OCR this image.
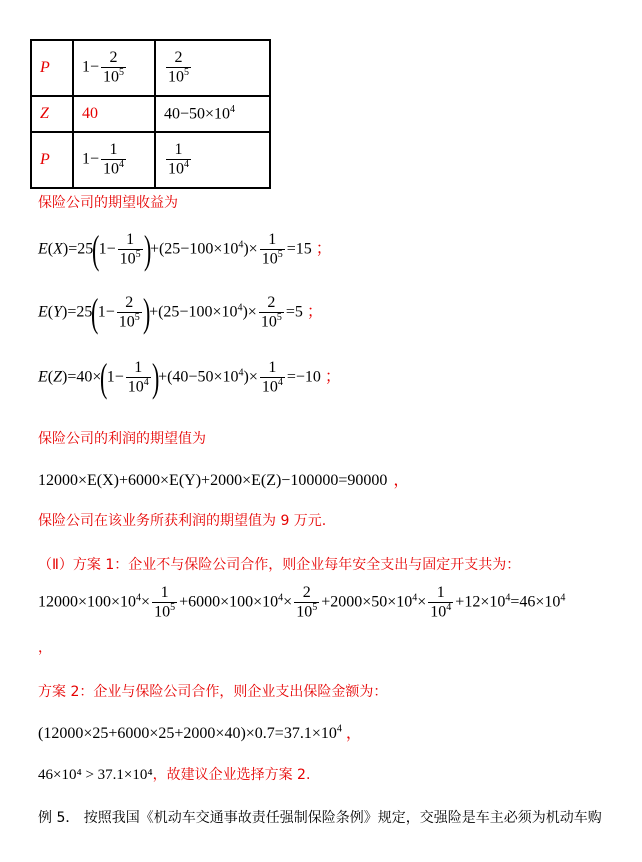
P	$1- \frac{2}{10^5}$	$\frac{2}{10^5}$

Z	40	$40-50\times 10^4$
P	$1- \frac{1}{10^4}$	$\frac{1}{10^4}$
保险公司的期望收益为
$E(X)=25(1- \frac{1}{10^5} )+(25-100\times 10^4)\times \frac{1}{10^5} =15$ ；
$E(Y)=25(1- \frac{2}{10^5} )+(25-100\times 10^4)\times \frac{2}{10^5} =5$ ；
$E(Z)=40\times(1- \frac{1}{10^4} )+(40-50\times 10^4)\times \frac{1}{10^4} =-10$ ；
保险公司的利润的期望值为
12000×E(X)+6000×E(Y)+2000×E(Z)−100000=90000 ，
保险公司在该业务所获利润的期望值为 9 万元.
（Ⅱ）方案 1：企业不与保险公司合作，则企业每年安全支出与固定开支共为：
$12000\times 100\times 10^4\times \frac{1}{10^5} +6000\times 100\times 10^4\times \frac{2}{10^5} +2000\times 50\times 10^4\times \frac{1}{10^4} +12\times 10^4=46\times 10^4$
，
方案 2：企业与保险公司合作，则企业支出保险金额为：
$(12000\times 25+6000\times 25+2000\times 40)\times 0.7=37.1\times 10^4$ ，
46×10⁴ > 37.1×10⁴，故建议企业选择方案 2.
例 5． 按照我国《机动车交通事故责任强制保险条例》规定，交强险是车主必须为机动车购
